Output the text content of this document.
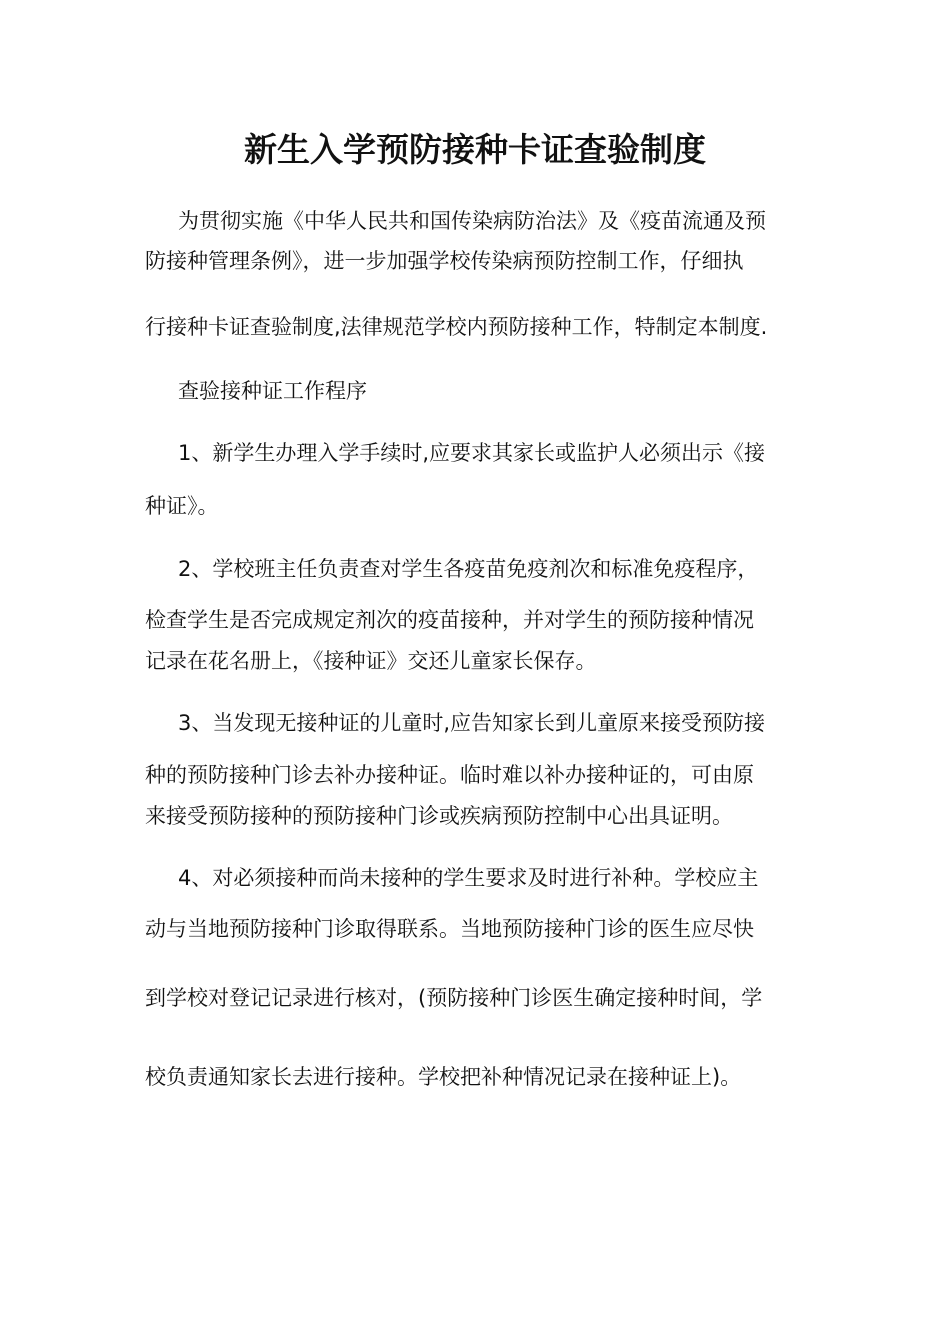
新生入学预防接种卡证查验制度
为贯彻实施《中华人民共和国传染病防治法》及《疫苗流通及预
防接种管理条例》，进一步加强学校传染病预防控制工作，仔细执
行接种卡证查验制度,法律规范学校内预防接种工作，特制定本制度.
查验接种证工作程序
1、新学生办理入学手续时,应要求其家长或监护人必须出示《接
种证》。
2、学校班主任负责查对学生各疫苗免疫剂次和标准免疫程序，
检查学生是否完成规定剂次的疫苗接种，并对学生的预防接种情况
记录在花名册上，《接种证》交还儿童家长保存。
3、当发现无接种证的儿童时,应告知家长到儿童原来接受预防接
种的预防接种门诊去补办接种证。临时难以补办接种证的，可由原
来接受预防接种的预防接种门诊或疾病预防控制中心出具证明。
4、对必须接种而尚未接种的学生要求及时进行补种。学校应主
动与当地预防接种门诊取得联系。当地预防接种门诊的医生应尽快
到学校对登记记录进行核对，(预防接种门诊医生确定接种时间，学
校负责通知家长去进行接种。学校把补种情况记录在接种证上)。
